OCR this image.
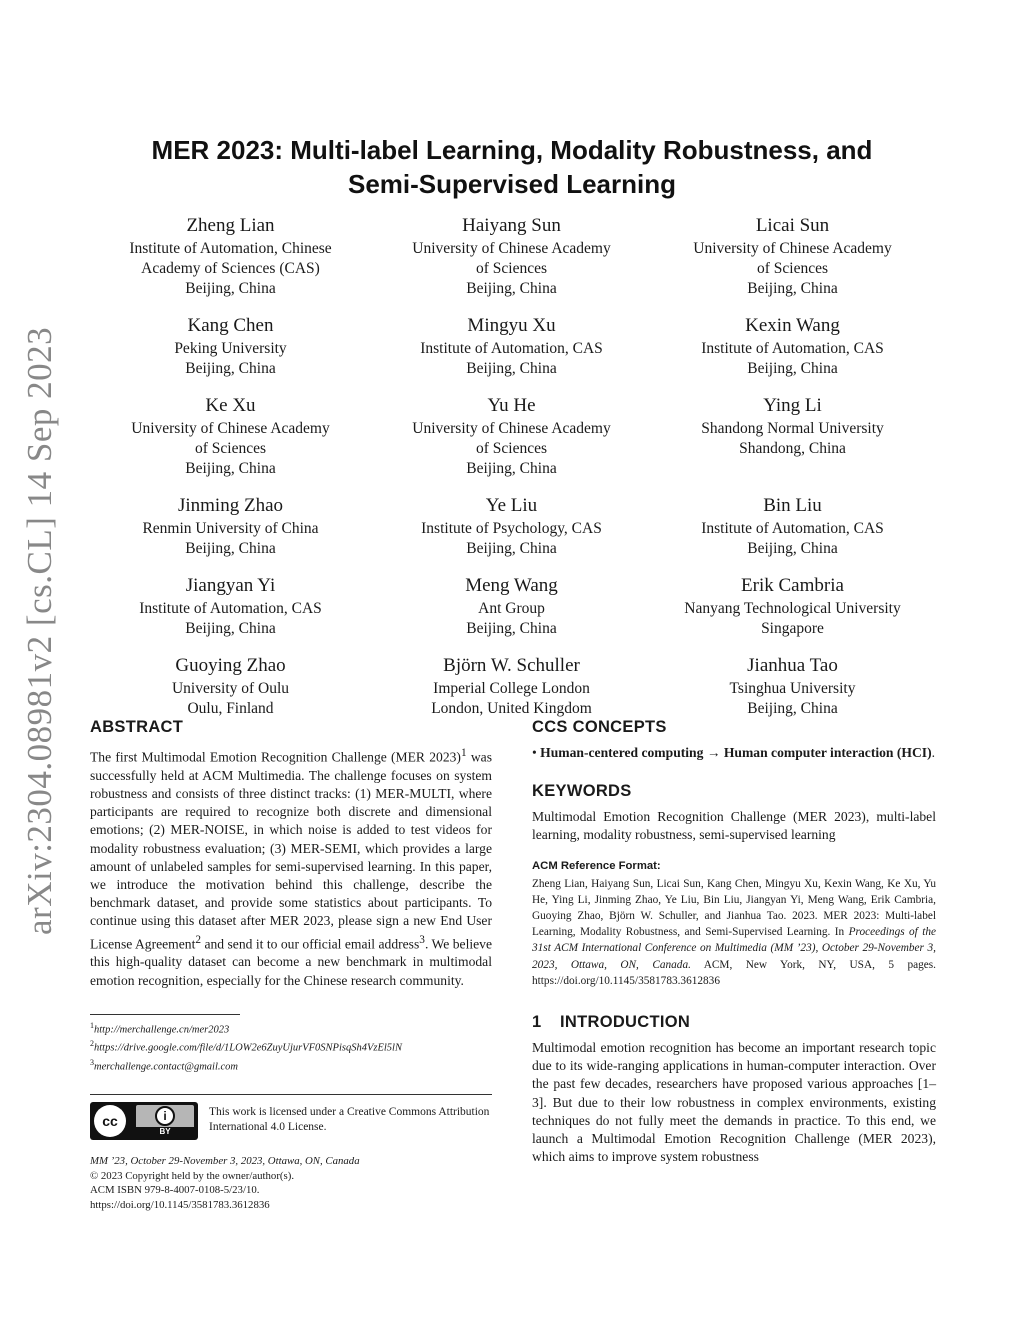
arXiv:2304.08981v2 [cs.CL] 14 Sep 2023
MER 2023: Multi-label Learning, Modality Robustness, and
Semi-Supervised Learning
Zheng Lian
Institute of Automation, Chinese
Academy of Sciences (CAS)
Beijing, China
Haiyang Sun
University of Chinese Academy
of Sciences
Beijing, China
Licai Sun
University of Chinese Academy
of Sciences
Beijing, China
Kang Chen
Peking University
Beijing, China
Mingyu Xu
Institute of Automation, CAS
Beijing, China
Kexin Wang
Institute of Automation, CAS
Beijing, China
Ke Xu
University of Chinese Academy
of Sciences
Beijing, China
Yu He
University of Chinese Academy
of Sciences
Beijing, China
Ying Li
Shandong Normal University
Shandong, China
Jinming Zhao
Renmin University of China
Beijing, China
Ye Liu
Institute of Psychology, CAS
Beijing, China
Bin Liu
Institute of Automation, CAS
Beijing, China
Jiangyan Yi
Institute of Automation, CAS
Beijing, China
Meng Wang
Ant Group
Beijing, China
Erik Cambria
Nanyang Technological University
Singapore
Guoying Zhao
University of Oulu
Oulu, Finland
Björn W. Schuller
Imperial College London
London, United Kingdom
Jianhua Tao
Tsinghua University
Beijing, China
ABSTRACT

The first Multimodal Emotion Recognition Challenge (MER 2023)$^1$ was successfully held at ACM Multimedia. The challenge focuses on system robustness and consists of three distinct tracks: (1) MER-MULTI, where participants are required to recognize both discrete and dimensional emotions; (2) MER-NOISE, in which noise is added to test videos for modality robustness evaluation; (3) MER-SEMI, which provides a large amount of unlabeled samples for semi-supervised learning. In this paper, we introduce the motivation behind this challenge, describe the benchmark dataset, and provide some statistics about participants. To continue using this dataset after MER 2023, please sign a new End User License Agreement$^2$ and send it to our official email address$^3$. We believe this high-quality dataset can become a new benchmark in multimodal emotion recognition, especially for the Chinese research community.

$^1$http://merchallenge.cn/mer2023
$^2$https://drive.google.com/file/d/1LOW2e6ZuyUjurVF0SNPisqSh4VzEl5lN
$^3$merchallenge.contact@gmail.com
cc	i
BY
This work is licensed under a Creative Commons Attribution International 4.0 License.
MM ’23, October 29-November 3, 2023, Ottawa, ON, Canada
© 2023 Copyright held by the owner/author(s).
ACM ISBN 979-8-4007-0108-5/23/10.
https://doi.org/10.1145/3581783.3612836
CCS CONCEPTS

• Human-centered computing → Human computer interaction (HCI).

KEYWORDS

Multimodal Emotion Recognition Challenge (MER 2023), multi-label learning, modality robustness, semi-supervised learning

ACM Reference Format:

Zheng Lian, Haiyang Sun, Licai Sun, Kang Chen, Mingyu Xu, Kexin Wang, Ke Xu, Yu He, Ying Li, Jinming Zhao, Ye Liu, Bin Liu, Jiangyan Yi, Meng Wang, Erik Cambria, Guoying Zhao, Björn W. Schuller, and Jianhua Tao. 2023. MER 2023: Multi-label Learning, Modality Robustness, and Semi-Supervised Learning. In Proceedings of the 31st ACM International Conference on Multimedia (MM ’23), October 29-November 3, 2023, Ottawa, ON, Canada. ACM, New York, NY, USA, 5 pages. https://doi.org/10.1145/3581783.3612836

1 INTRODUCTION

Multimodal emotion recognition has become an important research topic due to its wide-ranging applications in human-computer interaction. Over the past few decades, researchers have proposed various approaches [1–3]. But due to their low robustness in complex environments, existing techniques do not fully meet the demands in practice. To this end, we launch a Multimodal Emotion Recognition Challenge (MER 2023), which aims to improve system robustness
